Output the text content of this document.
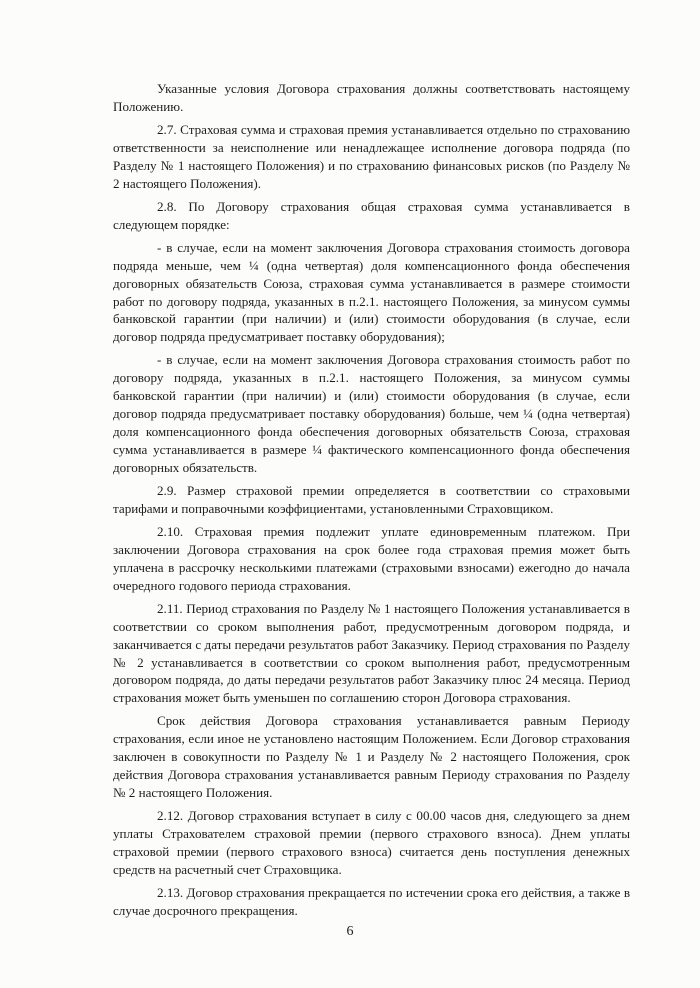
Указанные условия Договора страхования должны соответствовать настоящему Положению.

2.7. Страховая сумма и страховая премия устанавливается отдельно по страхованию ответственности за неисполнение или ненадлежащее исполнение договора подряда (по Разделу № 1 настоящего Положения) и по страхованию финансовых рисков (по Разделу № 2 настоящего Положения).

2.8. По Договору страхования общая страховая сумма устанавливается в следующем порядке:

- в случае, если на момент заключения Договора страхования стоимость договора подряда меньше, чем ¼ (одна четвертая) доля компенсационного фонда обеспечения договорных обязательств Союза, страховая сумма устанавливается в размере стоимости работ по договору подряда, указанных в п.2.1. настоящего Положения, за минусом суммы банковской гарантии (при наличии) и (или) стоимости оборудования (в случае, если договор подряда предусматривает поставку оборудования);

- в случае, если на момент заключения Договора страхования стоимость работ по договору подряда, указанных в п.2.1. настоящего Положения, за минусом суммы банковской гарантии (при наличии) и (или) стоимости оборудования (в случае, если договор подряда предусматривает поставку оборудования) больше, чем ¼ (одна четвертая) доля компенсационного фонда обеспечения договорных обязательств Союза, страховая сумма устанавливается в размере ¼ фактического компенсационного фонда обеспечения договорных обязательств.

2.9. Размер страховой премии определяется в соответствии со страховыми тарифами и поправочными коэффициентами, установленными Страховщиком.

2.10. Страховая премия подлежит уплате единовременным платежом. При заключении Договора страхования на срок более года страховая премия может быть уплачена в рассрочку несколькими платежами (страховыми взносами) ежегодно до начала очередного годового периода страхования.

2.11. Период страхования по Разделу № 1 настоящего Положения устанавливается в соответствии со сроком выполнения работ, предусмотренным договором подряда, и заканчивается с даты передачи результатов работ Заказчику. Период страхования по Разделу № 2 устанавливается в соответствии со сроком выполнения работ, предусмотренным договором подряда, до даты передачи результатов работ Заказчику плюс 24 месяца. Период страхования может быть уменьшен по соглашению сторон Договора страхования.

Срок действия Договора страхования устанавливается равным Периоду страхования, если иное не установлено настоящим Положением. Если Договор страхования заключен в совокупности по Разделу № 1 и Разделу № 2 настоящего Положения, срок действия Договора страхования устанавливается равным Периоду страхования по Разделу № 2 настоящего Положения.

2.12. Договор страхования вступает в силу с 00.00 часов дня, следующего за днем уплаты Страхователем страховой премии (первого страхового взноса). Днем уплаты страховой премии (первого страхового взноса) считается день поступления денежных средств на расчетный счет Страховщика.

2.13. Договор страхования прекращается по истечении срока его действия, а также в случае досрочного прекращения.

6
